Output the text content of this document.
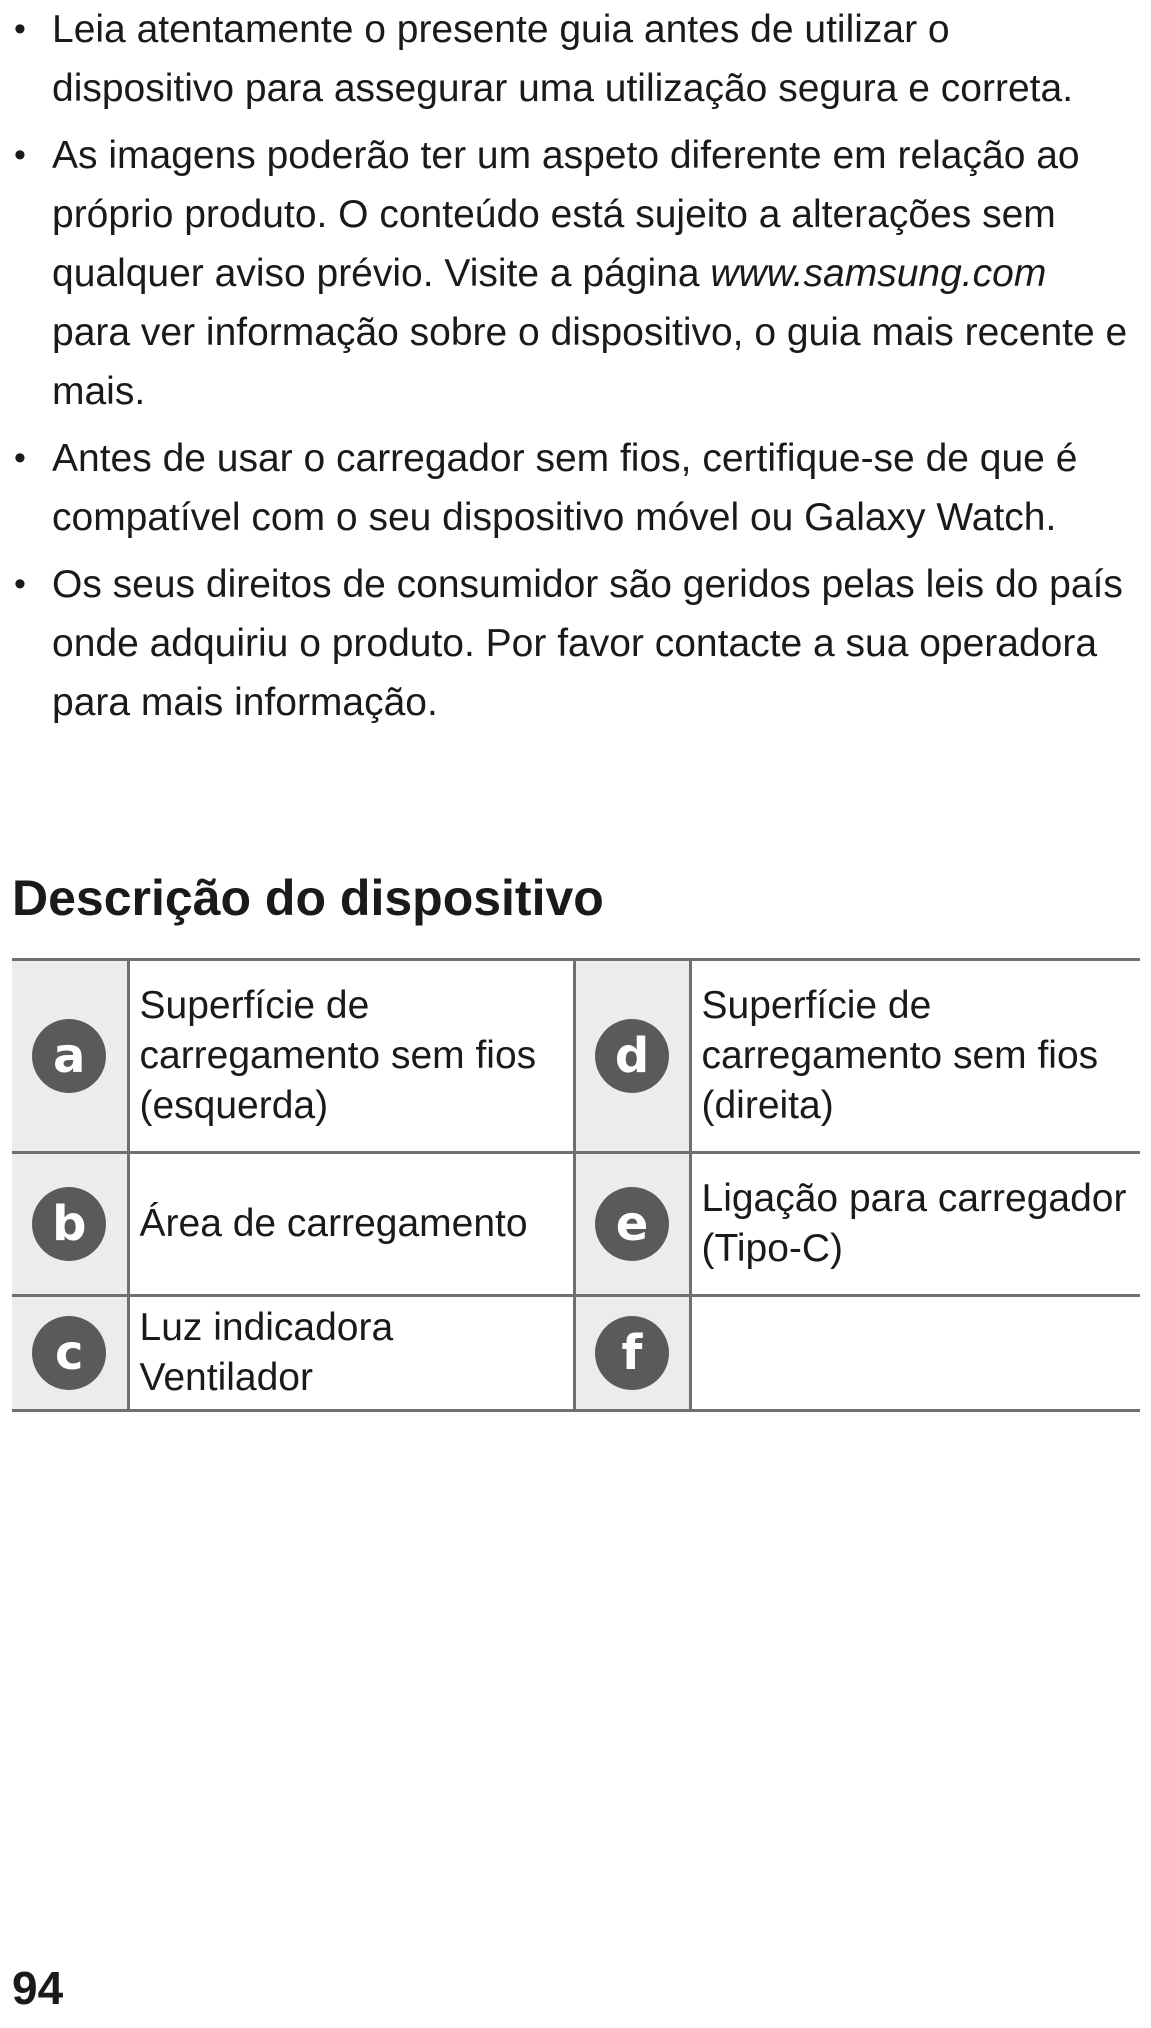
• Leia atentamente o presente guia antes de utilizar o dispositivo para assegurar uma utilização segura e correta.
• As imagens poderão ter um aspeto diferente em relação ao próprio produto. O conteúdo está sujeito a alterações sem qualquer aviso prévio. Visite a página www.samsung.com para ver informação sobre o dispositivo, o guia mais recente e mais.
• Antes de usar o carregador sem fios, certifique-se de que é compatível com o seu dispositivo móvel ou Galaxy Watch.
• Os seus direitos de consumidor são geridos pelas leis do país onde adquiriu o produto. Por favor contacte a sua operadora para mais informação.
Descrição do dispositivo
a	Superfície de carregamento sem fios (esquerda)	d	Superfície de carregamento sem fios (direita)
b	Área de carregamento	e	Ligação para carregador (Tipo-C)
c	Luz indicadora Ventilador	f	
94
